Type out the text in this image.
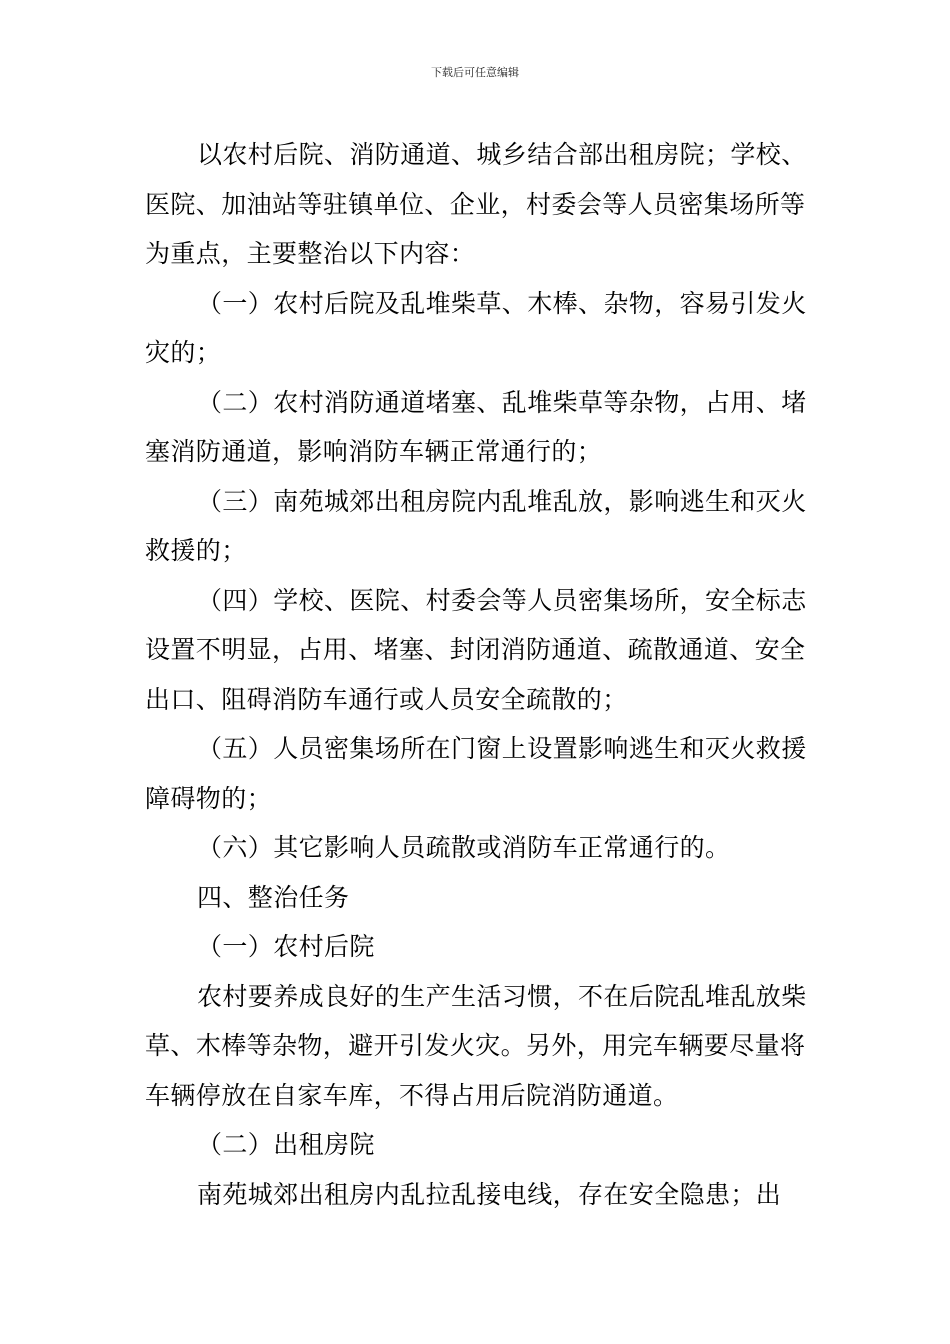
下载后可任意编辑

以农村后院、消防通道、城乡结合部出租房院；学校、医院、加油站等驻镇单位、企业，村委会等人员密集场所等为重点，主要整治以下内容：

（一）农村后院及乱堆柴草、木棒、杂物，容易引发火灾的；

（二）农村消防通道堵塞、乱堆柴草等杂物，占用、堵塞消防通道，影响消防车辆正常通行的；

（三）南苑城郊出租房院内乱堆乱放，影响逃生和灭火救援的；

（四）学校、医院、村委会等人员密集场所，安全标志设置不明显，占用、堵塞、封闭消防通道、疏散通道、安全出口、阻碍消防车通行或人员安全疏散的；

（五）人员密集场所在门窗上设置影响逃生和灭火救援障碍物的；

（六）其它影响人员疏散或消防车正常通行的。

四、整治任务

（一）农村后院

农村要养成良好的生产生活习惯，不在后院乱堆乱放柴草、木棒等杂物，避开引发火灾。另外，用完车辆要尽量将车辆停放在自家车库，不得占用后院消防通道。

（二）出租房院

南苑城郊出租房内乱拉乱接电线，存在安全隐患；出
